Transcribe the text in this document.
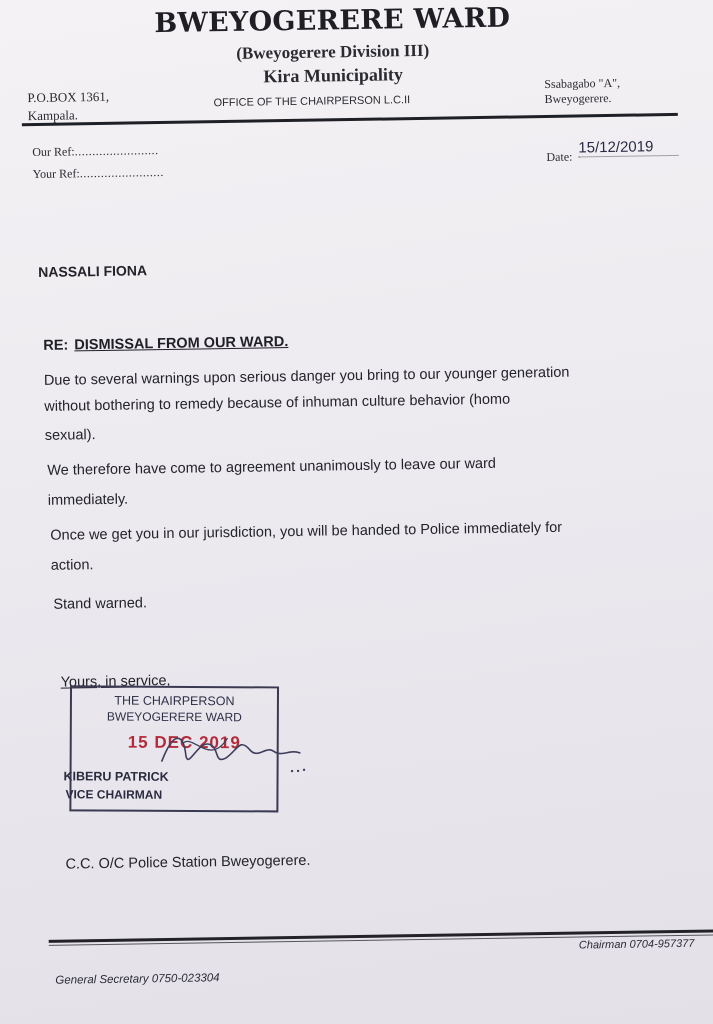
BWEYOGERERE WARD
(Bweyogerere Division III)
Kira Municipality
P.O.BOX 1361,
Kampala.
OFFICE OF THE CHAIRPERSON L.C.II
Ssabagabo "A",
Bweyogerere.
Our Ref:........................
Your Ref:........................
Date:
15/12/2019
NASSALI FIONA
RE: DISMISSAL FROM OUR WARD.
Due to several warnings upon serious danger you bring to our younger generation
without bothering to remedy because of inhuman culture behavior (homo
sexual).
We therefore have come to agreement unanimously to leave our ward
immediately.
Once we get you in our jurisdiction, you will be handed to Police immediately for
action.
Stand warned.
Yours, in service,
THE CHAIRPERSON
BWEYOGERERE WARD
15 DEC 2019
KIBERU PATRICK
VICE CHAIRMAN
C.C. O/C Police Station Bweyogerere.
Chairman 0704-957377
General Secretary 0750-023304
